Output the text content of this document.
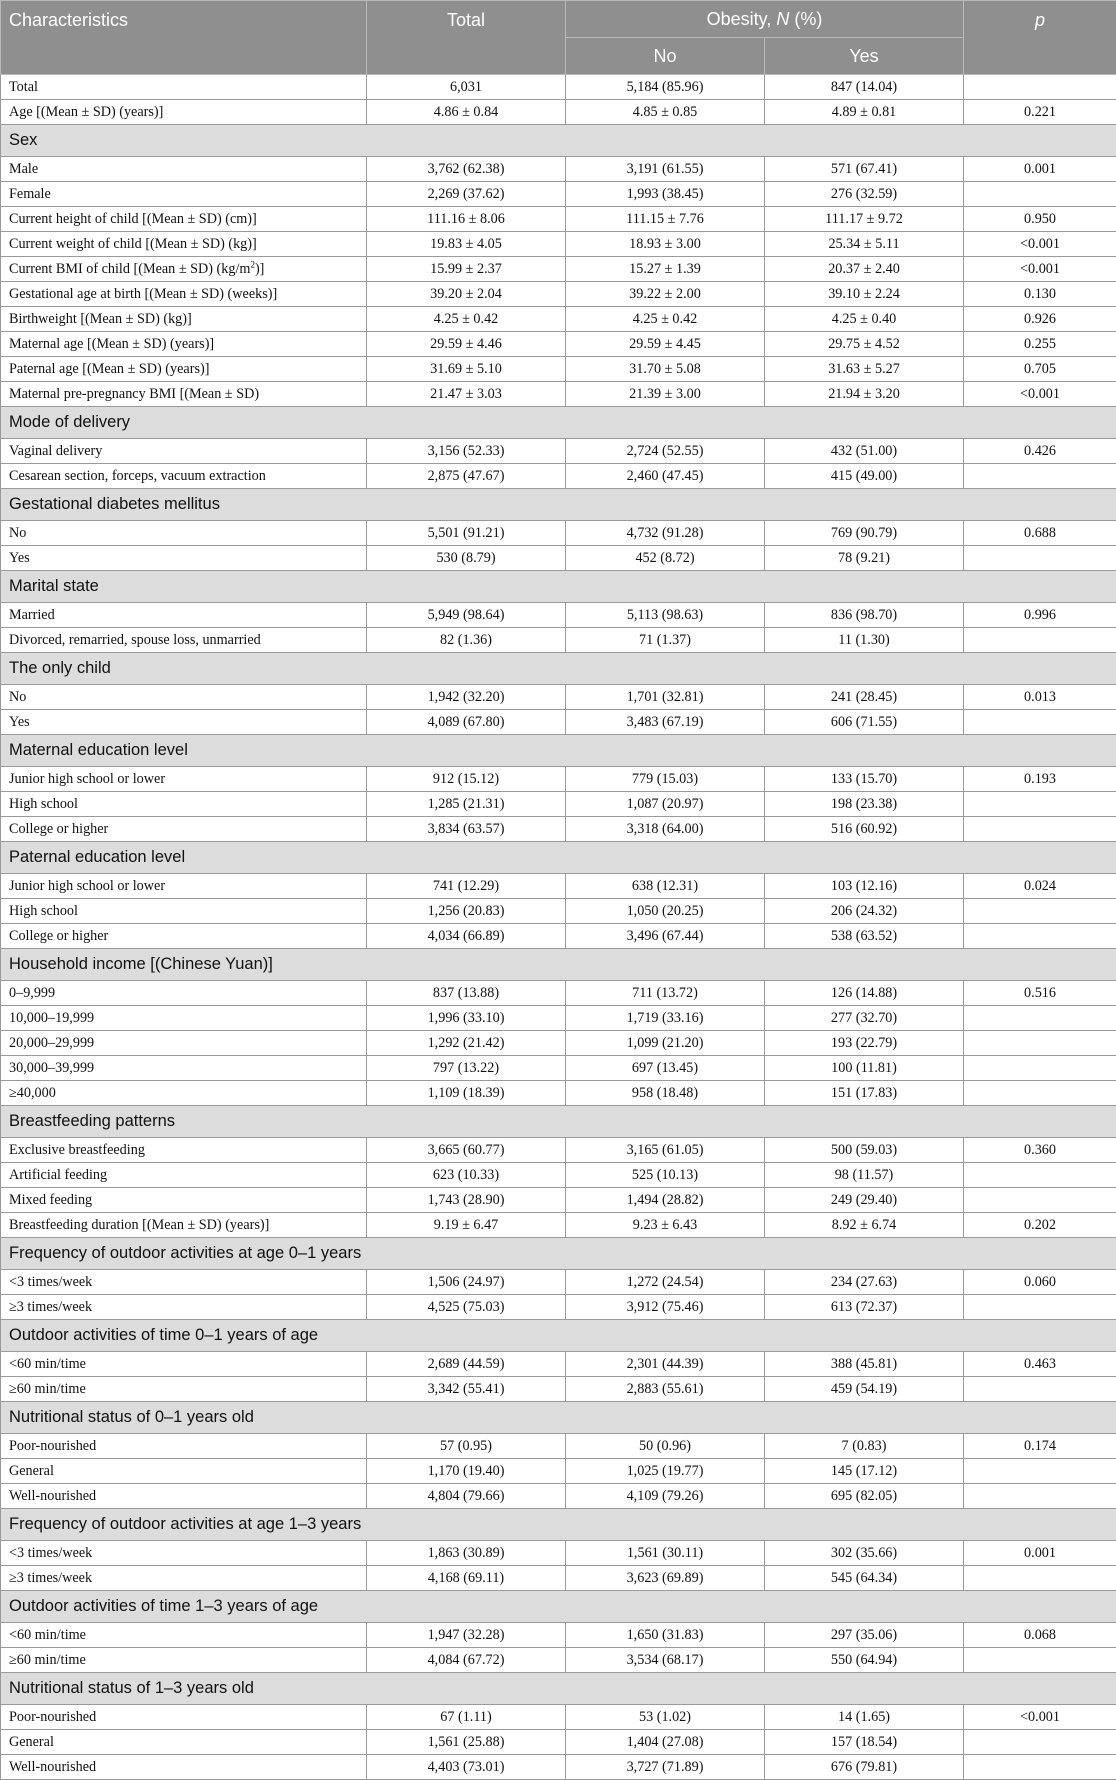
Characteristics	Total	Obesity, N (%)		p
		No	Yes	
Total	6,031	5,184 (85.96)	847 (14.04)	
Age [(Mean ± SD) (years)]	4.86 ± 0.84	4.85 ± 0.85	4.89 ± 0.81	0.221
Sex				
Male	3,762 (62.38)	3,191 (61.55)	571 (67.41)	0.001
Female	2,269 (37.62)	1,993 (38.45)	276 (32.59)	
Current height of child [(Mean ± SD) (cm)]	111.16 ± 8.06	111.15 ± 7.76	111.17 ± 9.72	0.950
Current weight of child [(Mean ± SD) (kg)]	19.83 ± 4.05	18.93 ± 3.00	25.34 ± 5.11	<0.001
Current BMI of child [(Mean ± SD) $(kg/m^2)$]	15.99 ± 2.37	15.27 ± 1.39	20.37 ± 2.40	<0.001
Gestational age at birth [(Mean ± SD) (weeks)]	39.20 ± 2.04	39.22 ± 2.00	39.10 ± 2.24	0.130
Birthweight [(Mean ± SD) (kg)]	4.25 ± 0.42	4.25 ± 0.42	4.25 ± 0.40	0.926
Maternal age [(Mean ± SD) (years)]	29.59 ± 4.46	29.59 ± 4.45	29.75 ± 4.52	0.255
Paternal age [(Mean ± SD) (years)]	31.69 ± 5.10	31.70 ± 5.08	31.63 ± 5.27	0.705
Maternal pre-pregnancy BMI [(Mean ± SD)	21.47 ± 3.03	21.39 ± 3.00	21.94 ± 3.20	<0.001
Mode of delivery				
Vaginal delivery	3,156 (52.33)	2,724 (52.55)	432 (51.00)	0.426
Cesarean section, forceps, vacuum extraction	2,875 (47.67)	2,460 (47.45)	415 (49.00)	
Gestational diabetes mellitus				
No	5,501 (91.21)	4,732 (91.28)	769 (90.79)	0.688
Yes	530 (8.79)	452 (8.72)	78 (9.21)	
Marital state				
Married	5,949 (98.64)	5,113 (98.63)	836 (98.70)	0.996
Divorced, remarried, spouse loss, unmarried	82 (1.36)	71 (1.37)	11 (1.30)	
The only child				
No	1,942 (32.20)	1,701 (32.81)	241 (28.45)	0.013
Yes	4,089 (67.80)	3,483 (67.19)	606 (71.55)	
Maternal education level				
Junior high school or lower	912 (15.12)	779 (15.03)	133 (15.70)	0.193
High school	1,285 (21.31)	1,087 (20.97)	198 (23.38)	
College or higher	3,834 (63.57)	3,318 (64.00)	516 (60.92)	
Paternal education level				
Junior high school or lower	741 (12.29)	638 (12.31)	103 (12.16)	0.024
High school	1,256 (20.83)	1,050 (20.25)	206 (24.32)	
College or higher	4,034 (66.89)	3,496 (67.44)	538 (63.52)	
Household income [(Chinese Yuan)]				
0–9,999	837 (13.88)	711 (13.72)	126 (14.88)	0.516
10,000–19,999	1,996 (33.10)	1,719 (33.16)	277 (32.70)	
20,000–29,999	1,292 (21.42)	1,099 (21.20)	193 (22.79)	
30,000–39,999	797 (13.22)	697 (13.45)	100 (11.81)	
≥40,000	1,109 (18.39)	958 (18.48)	151 (17.83)	
Breastfeeding patterns				
Exclusive breastfeeding	3,665 (60.77)	3,165 (61.05)	500 (59.03)	0.360
Artificial feeding	623 (10.33)	525 (10.13)	98 (11.57)	
Mixed feeding	1,743 (28.90)	1,494 (28.82)	249 (29.40)	
Breastfeeding duration [(Mean ± SD) (years)]	9.19 ± 6.47	9.23 ± 6.43	8.92 ± 6.74	0.202
Frequency of outdoor activities at age 0–1 years				
<3 times/week	1,506 (24.97)	1,272 (24.54)	234 (27.63)	0.060
≥3 times/week	4,525 (75.03)	3,912 (75.46)	613 (72.37)	
Outdoor activities of time 0–1 years of age				
<60 min/time	2,689 (44.59)	2,301 (44.39)	388 (45.81)	0.463
≥60 min/time	3,342 (55.41)	2,883 (55.61)	459 (54.19)	
Nutritional status of 0–1 years old				
Poor-nourished	57 (0.95)	50 (0.96)	7 (0.83)	0.174
General	1,170 (19.40)	1,025 (19.77)	145 (17.12)	
Well-nourished	4,804 (79.66)	4,109 (79.26)	695 (82.05)	
Frequency of outdoor activities at age 1–3 years				
<3 times/week	1,863 (30.89)	1,561 (30.11)	302 (35.66)	0.001
≥3 times/week	4,168 (69.11)	3,623 (69.89)	545 (64.34)	
Outdoor activities of time 1–3 years of age				
<60 min/time	1,947 (32.28)	1,650 (31.83)	297 (35.06)	0.068
≥60 min/time	4,084 (67.72)	3,534 (68.17)	550 (64.94)	
Nutritional status of 1–3 years old				
Poor-nourished	67 (1.11)	53 (1.02)	14 (1.65)	<0.001
General	1,561 (25.88)	1,404 (27.08)	157 (18.54)	
Well-nourished	4,403 (73.01)	3,727 (71.89)	676 (79.81)	
